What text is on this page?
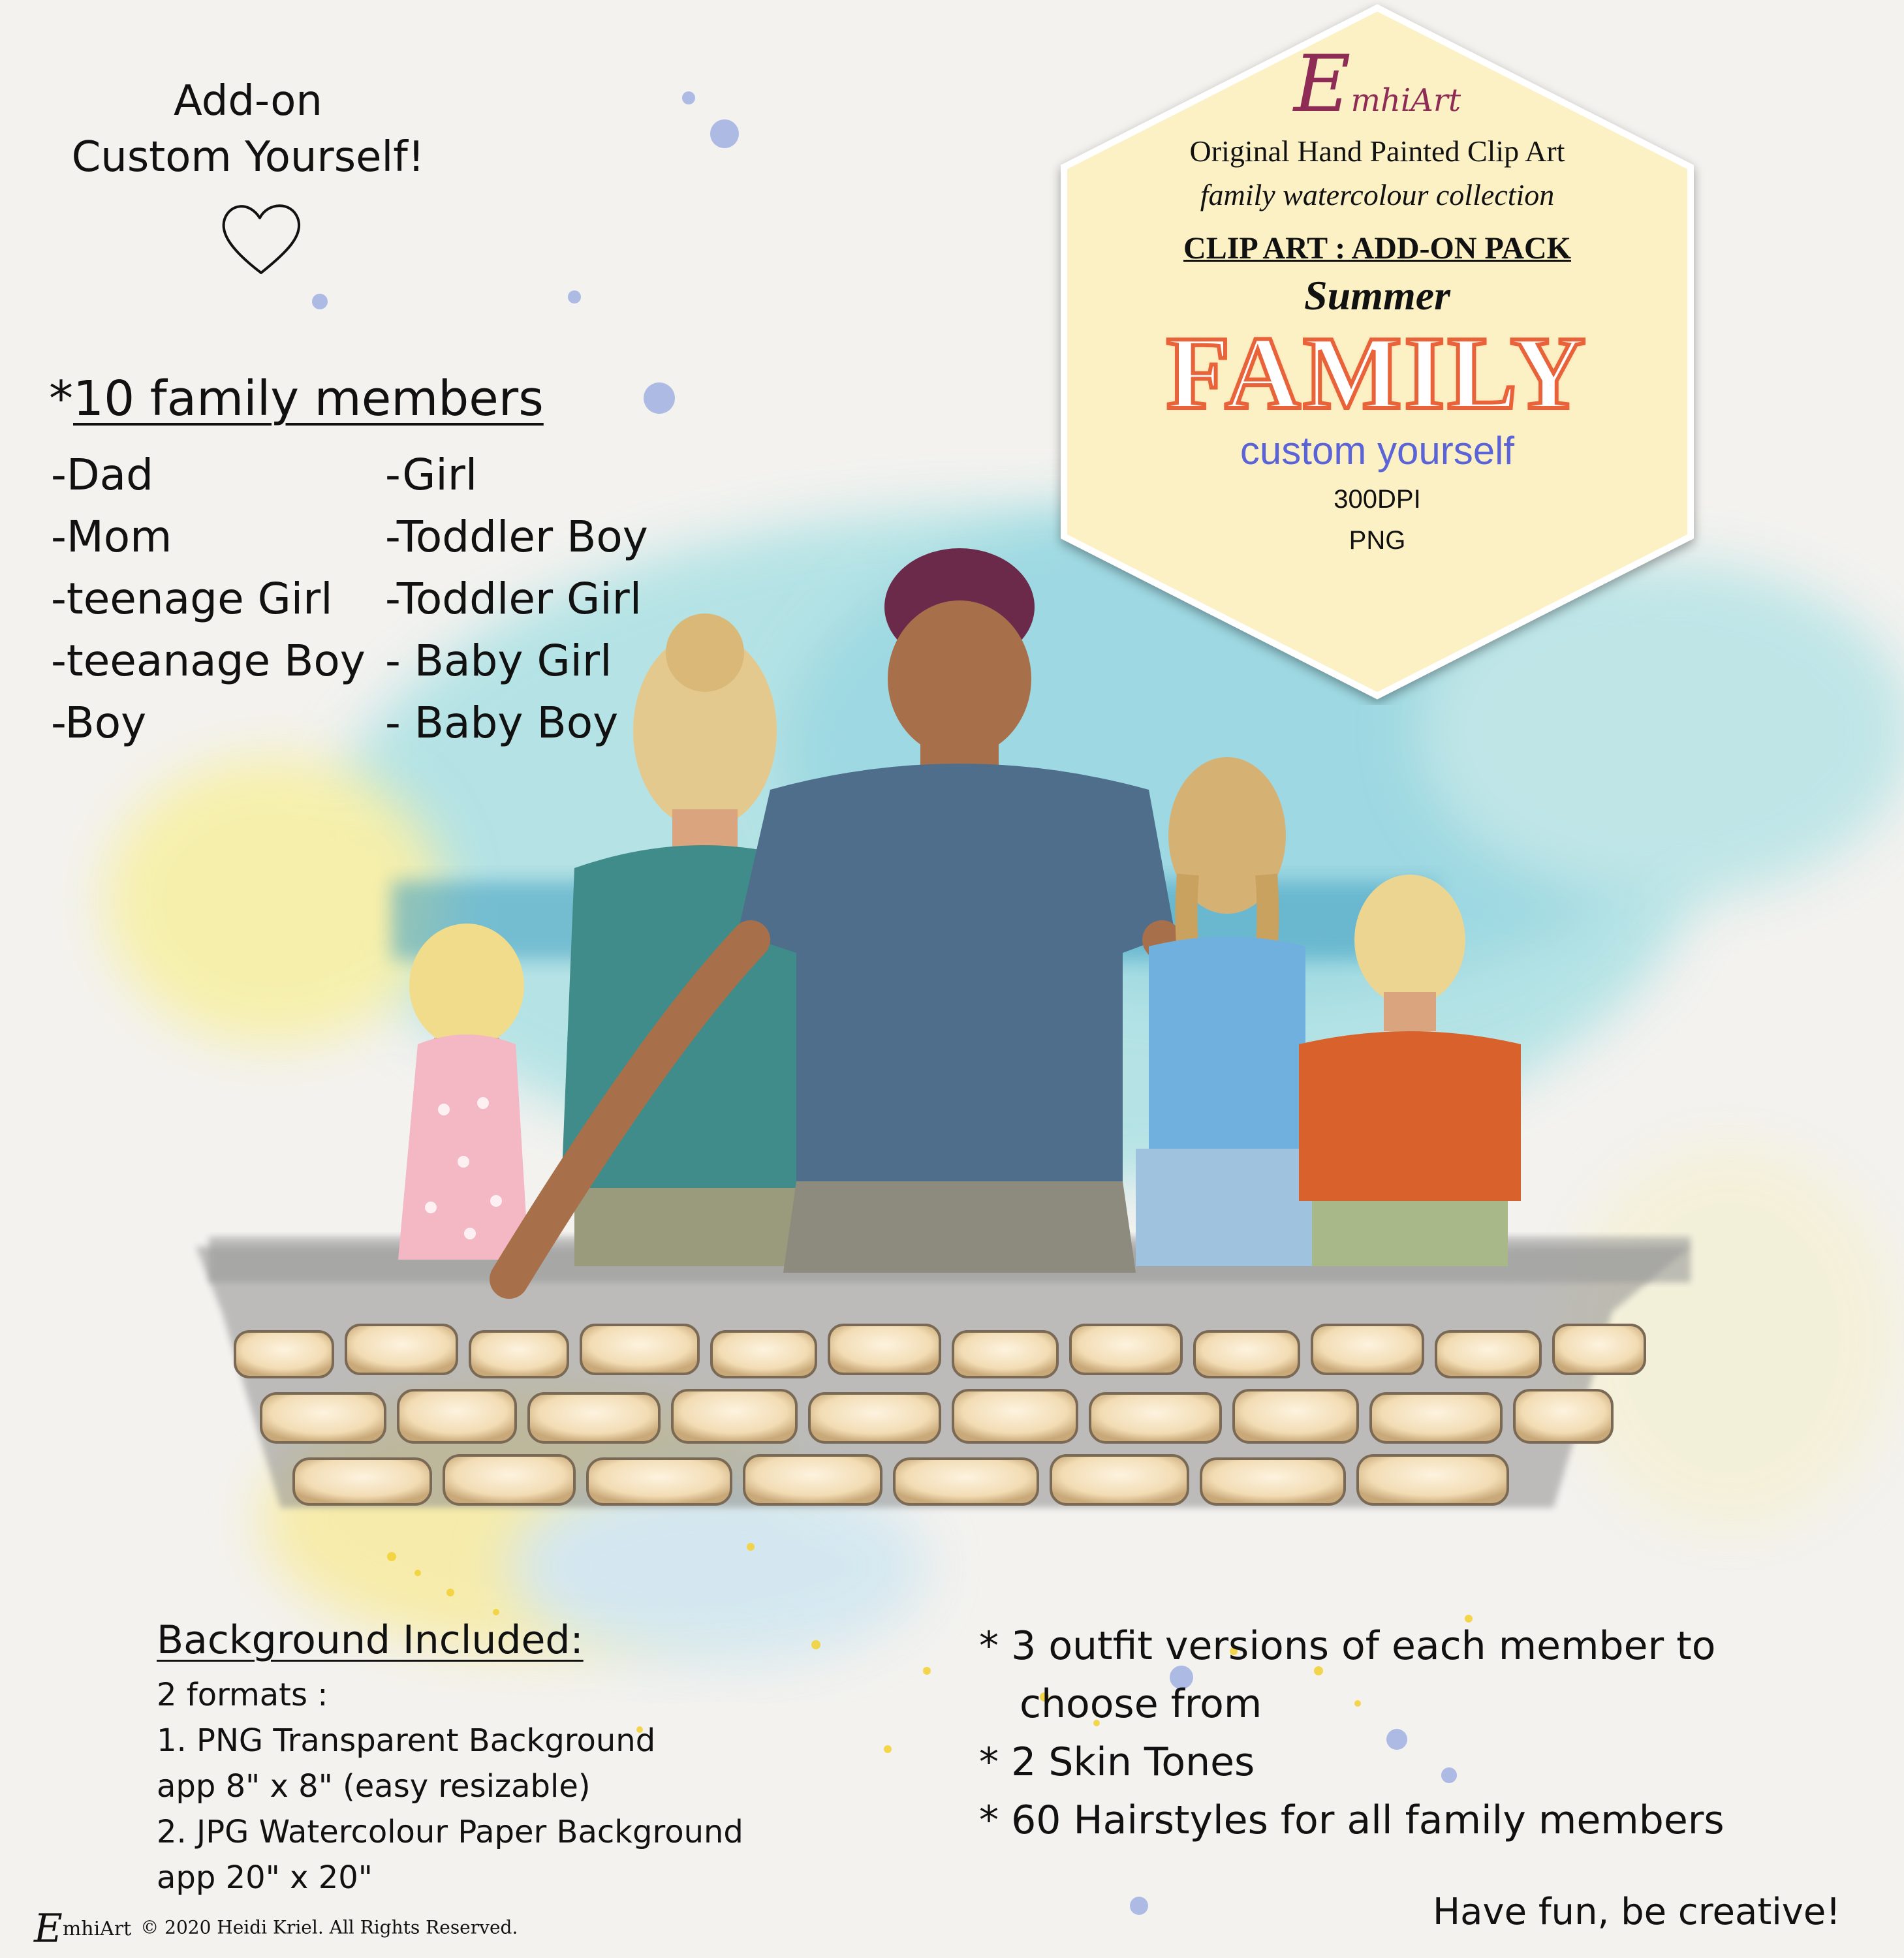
Add-on
Custom Yourself!
*10 family members
-Dad
-Mom
-teenage Girl
-teeanage Boy
-Boy
-Girl
-Toddler Boy
-Toddler Girl
- Baby Girl
- Baby Boy
EmhiArt
Original Hand Painted Clip Art
family watercolour collection
CLIP ART : ADD-ON PACK
Summer
FAMILY
custom yourself
300DPI
PNG
Background Included:
2 formats :
1. PNG Transparent Background
app 8" x 8" (easy resizable)
2. JPG Watercolour Paper Background
app 20" x 20"
* 3 outfit versions of each member to
choose from
* 2 Skin Tones
* 60 Hairstyles for all family members
Have fun, be creative!
EmhiArt © 2020 Heidi Kriel. All Rights Reserved.
